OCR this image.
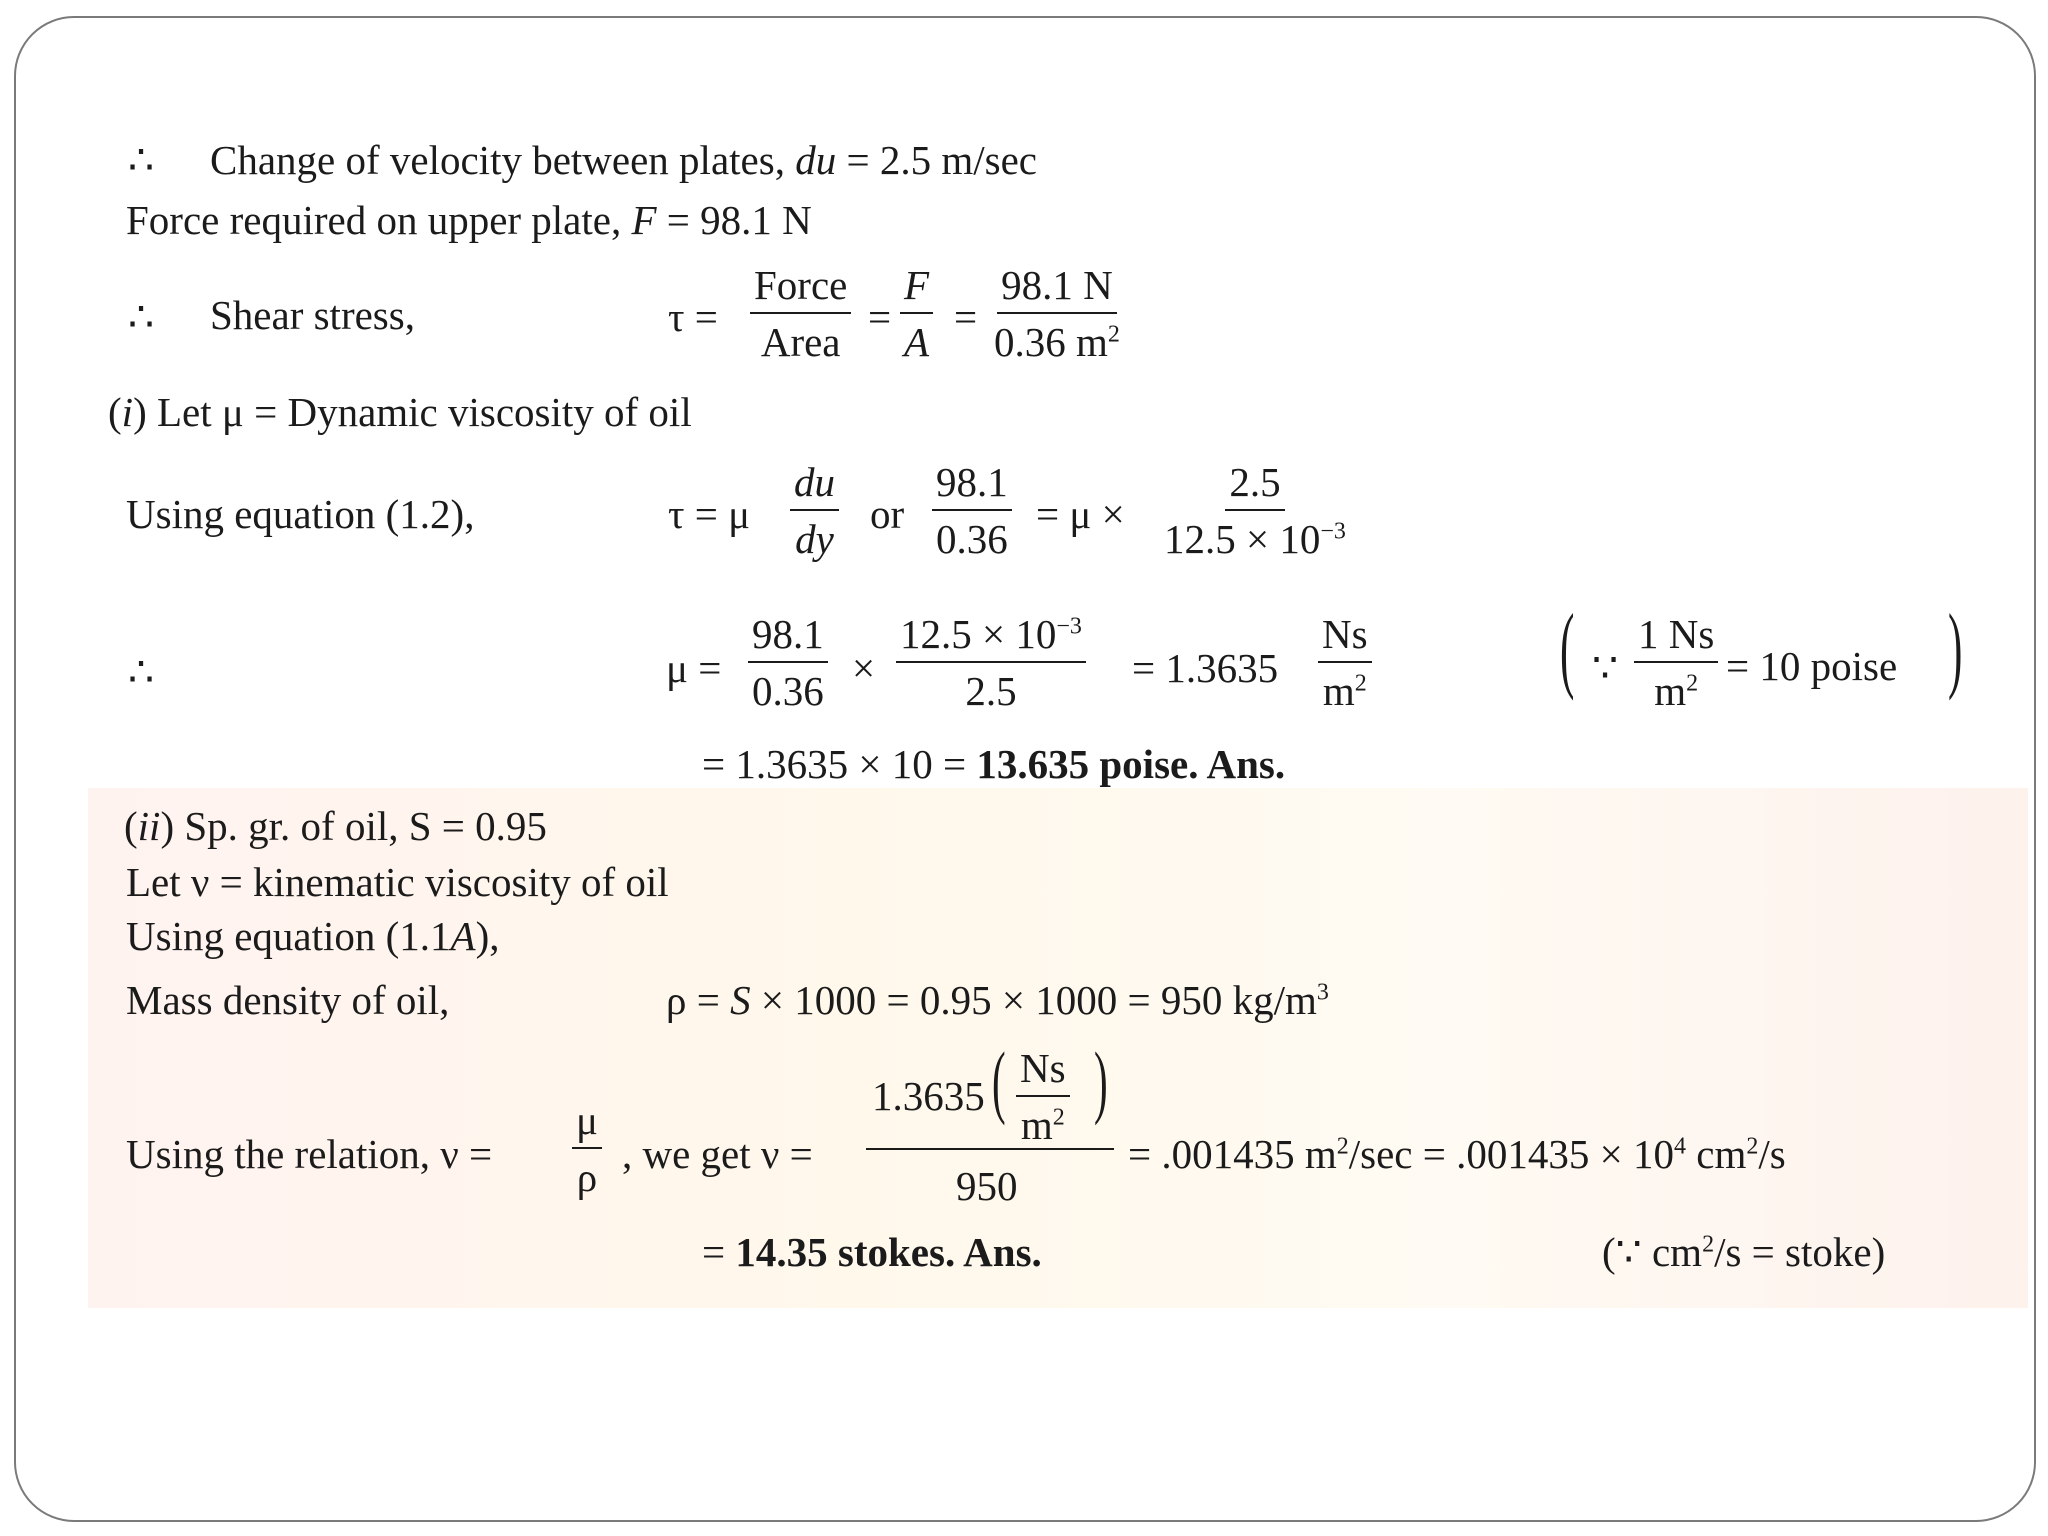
∴ Change of velocity between plates, du = 2.5 m/sec
Force required on upper plate, F = 98.1 N
∴ Shear stress,	τ =
Force
Area
= $\frac{F}{A} = \frac{98.1 N}{0.36 m^2}$
(i) Let μ = Dynamic viscosity of oil
Using equation (1.2),	τ = μ $\frac{du}{dy}$ or $\frac{98.1}{0.36} = \mu \times \frac{2.5}{12.5 \times 10^{-3}}$
∴	$\mu = \frac{98.1}{0.36} \times \frac{12.5 \times 10^{-3}}{2.5} = 1.3635 \frac{Ns}{m^2}$ ( ∵ $\frac{1 Ns}{m^2} = 10$ poise )
= 1.3635 × 10 = 13.635 poise. Ans.
(ii) Sp. gr. of oil, S = 0.95
Let ν = kinematic viscosity of oil
Using equation (1.1A),
Mass density of oil,	ρ = S × 1000 = 0.95 × 1000 = 950 $kg/m^3$
Using the relation, $\nu = \frac{\mu}{\rho}$ , we get ν =
1.3635 ( $\frac{Ns}{m^2}$ )
950
= .001435 $m^2/\sec = .001435 \times 10^4$ $cm^2/s$
= 14.35 stokes. Ans.	(∵ $cm^2/s$ = stoke)
